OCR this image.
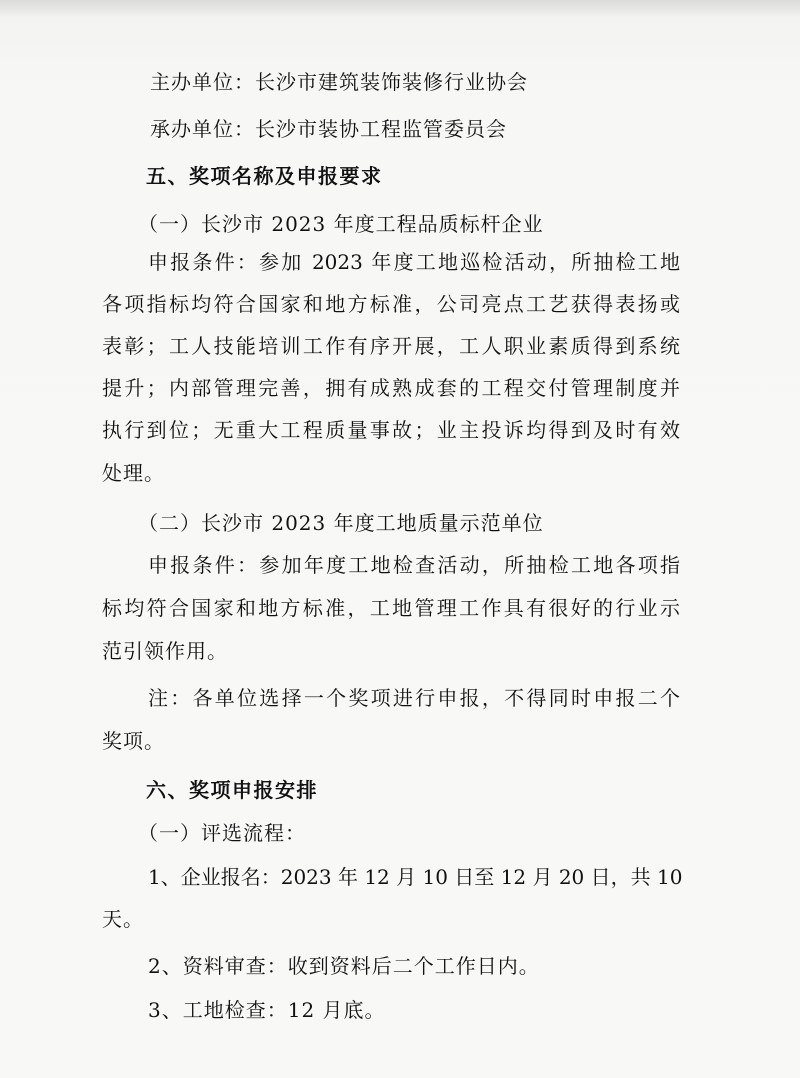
主办单位：长沙市建筑装饰装修行业协会
承办单位：长沙市装协工程监管委员会
五、奖项名称及申报要求
（一）长沙市 2023 年度工程品质标杆企业
申报条件：参加 2023 年度工地巡检活动，所抽检工地
各项指标均符合国家和地方标准，公司亮点工艺获得表扬或
表彰；工人技能培训工作有序开展，工人职业素质得到系统
提升；内部管理完善，拥有成熟成套的工程交付管理制度并
执行到位；无重大工程质量事故；业主投诉均得到及时有效
处理。
（二）长沙市 2023 年度工地质量示范单位
申报条件：参加年度工地检查活动，所抽检工地各项指
标均符合国家和地方标准，工地管理工作具有很好的行业示
范引领作用。
注：各单位选择一个奖项进行申报，不得同时申报二个
奖项。
六、奖项申报安排
（一）评选流程：
1、企业报名：2023 年 12 月 10 日至 12 月 20 日，共 10
天。
2、资料审查：收到资料后二个工作日内。
3、工地检查：12 月底。
